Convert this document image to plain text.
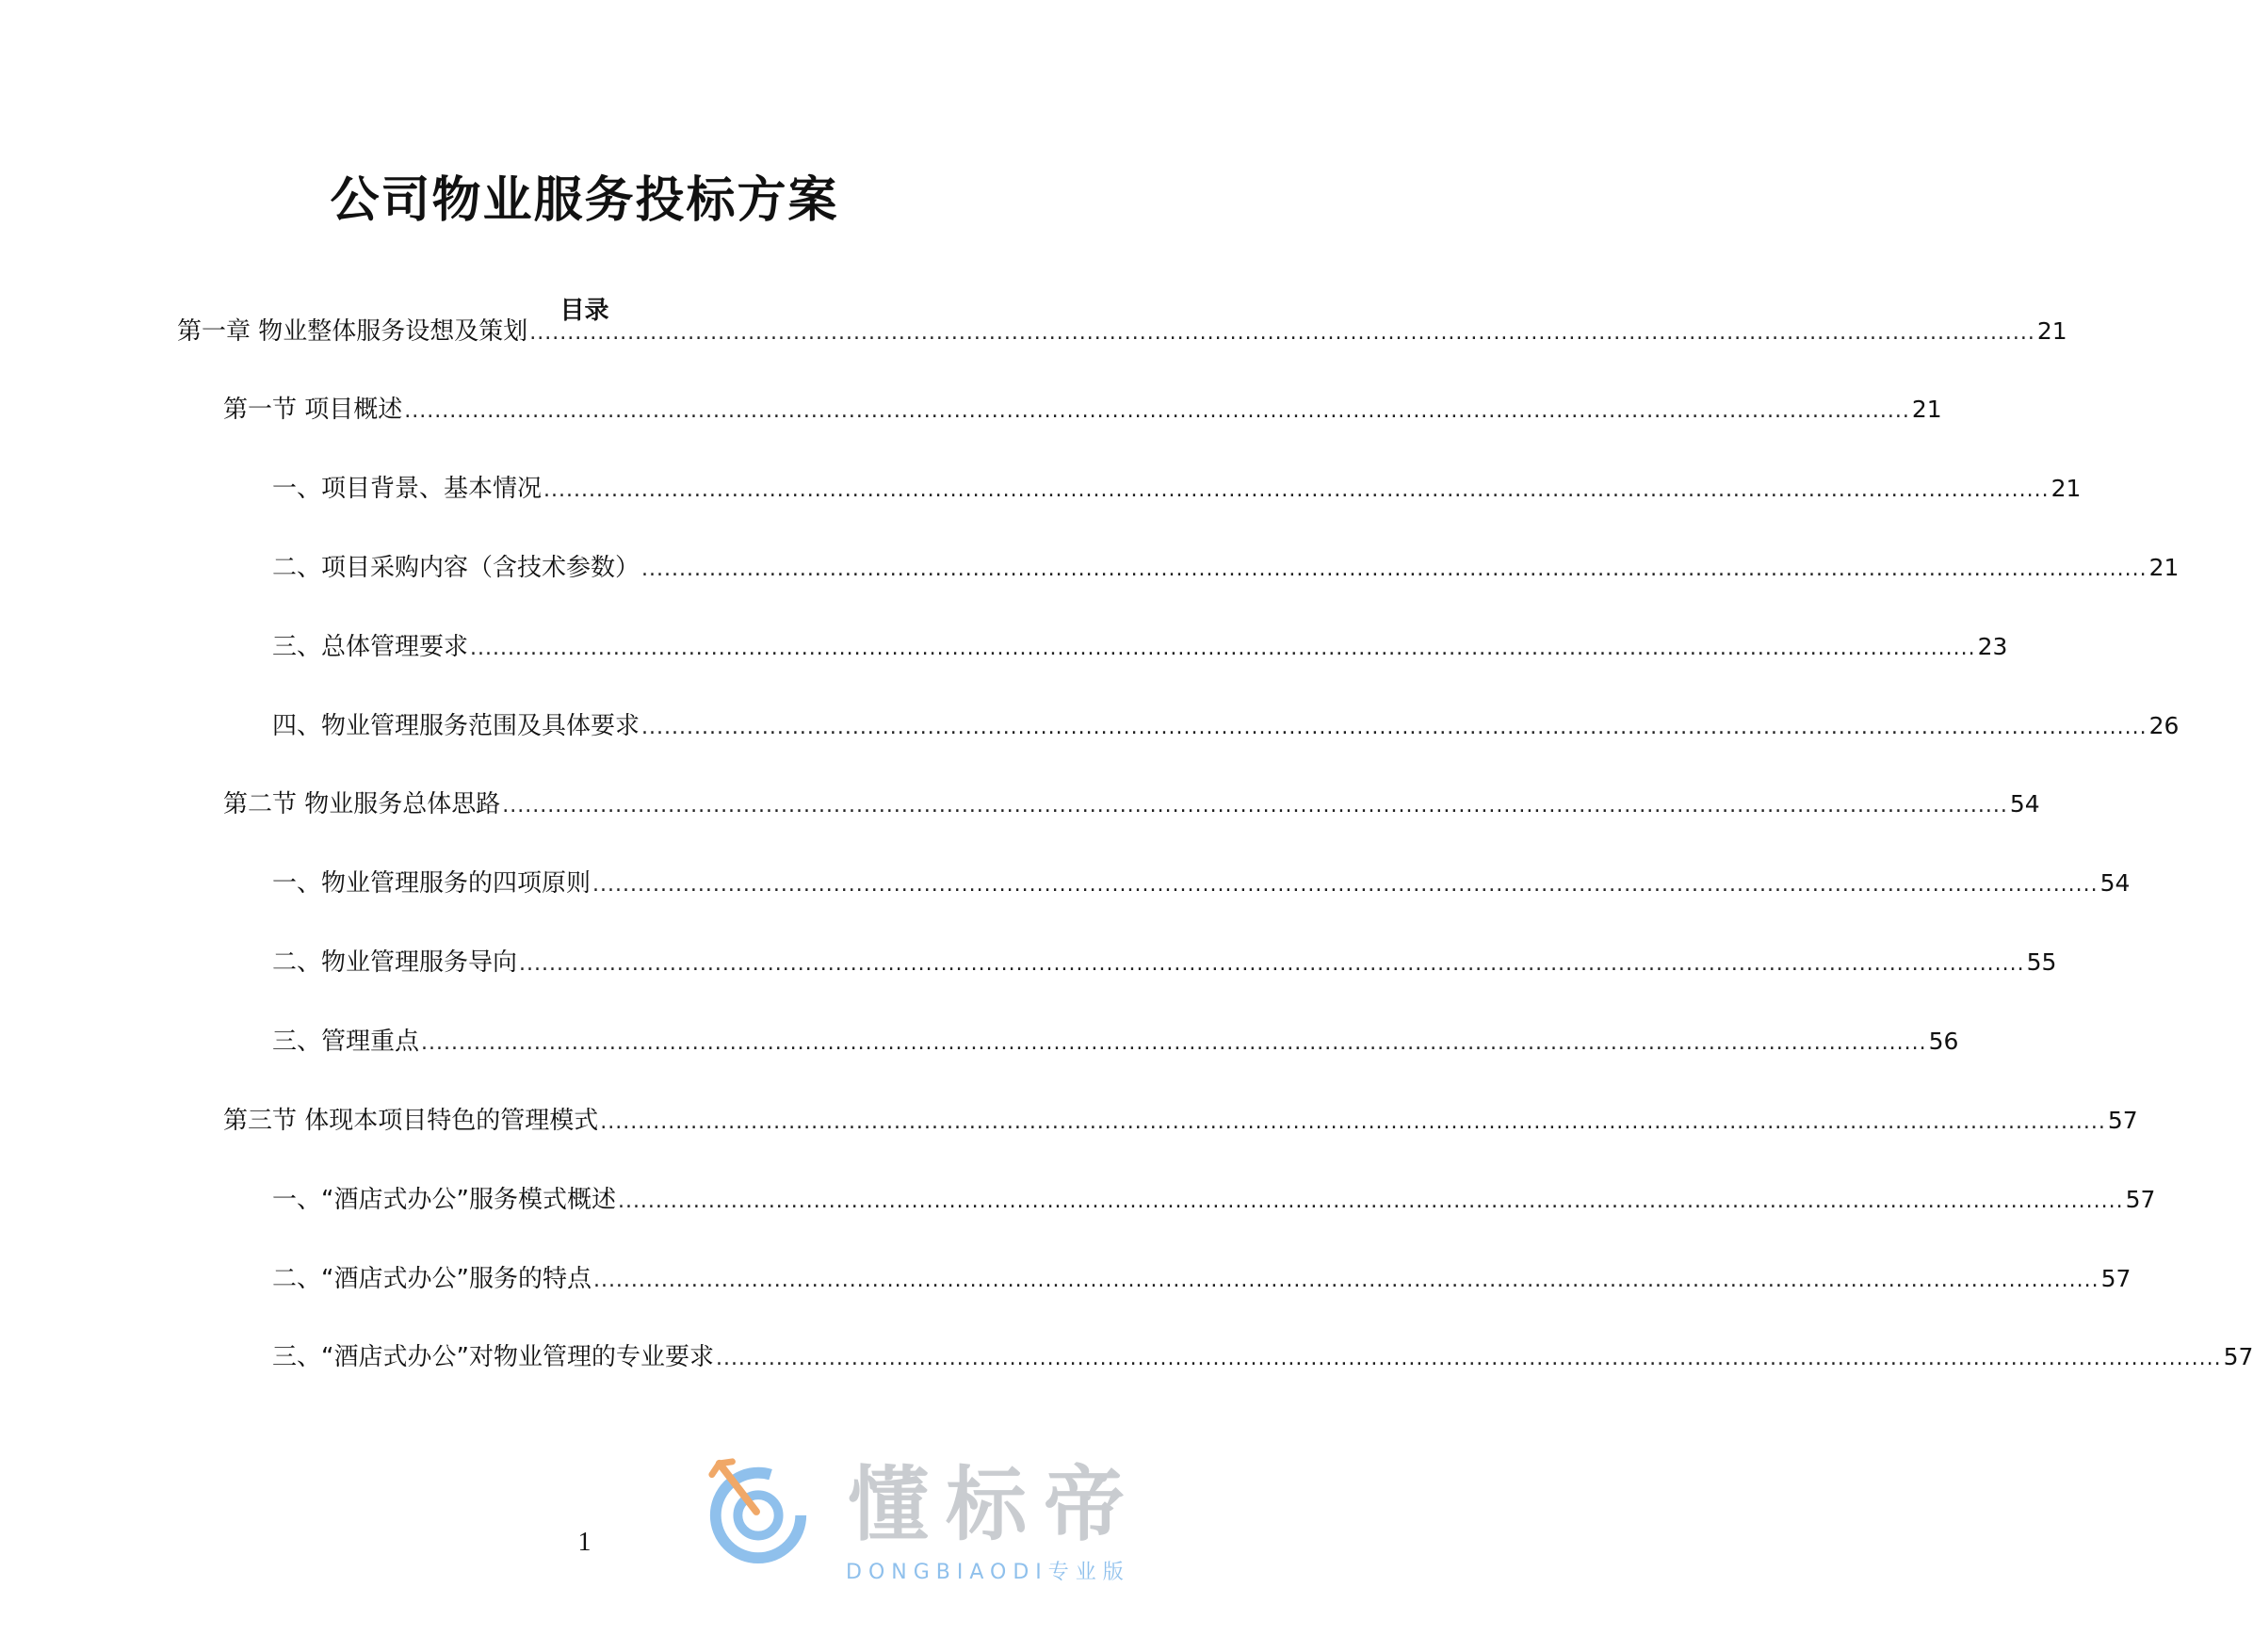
公司物业服务投标方案
目录
第一章 物业整体服务设想及策划 ........................................................................................................................................................................................................ 21
第一节 项目概述 ........................................................................................................................................................................................................ 21
一、项目背景、基本情况 ........................................................................................................................................................................................................ 21
二、项目采购内容（含技术参数） ........................................................................................................................................................................................................ 21
三、总体管理要求 ........................................................................................................................................................................................................ 23
四、物业管理服务范围及具体要求 ........................................................................................................................................................................................................ 26
第二节 物业服务总体思路 ........................................................................................................................................................................................................ 54
一、物业管理服务的四项原则 ........................................................................................................................................................................................................ 54
二、物业管理服务导向 ........................................................................................................................................................................................................ 55
三、管理重点 ........................................................................................................................................................................................................ 56
第三节 体现本项目特色的管理模式 ........................................................................................................................................................................................................ 57
一、“酒店式办公”服务模式概述 ........................................................................................................................................................................................................ 57
二、“酒店式办公”服务的特点 ........................................................................................................................................................................................................ 57
三、“酒店式办公”对物业管理的专业要求 ........................................................................................................................................................................................................ 57
1	懂标帝
DONGBIAODI专业版
